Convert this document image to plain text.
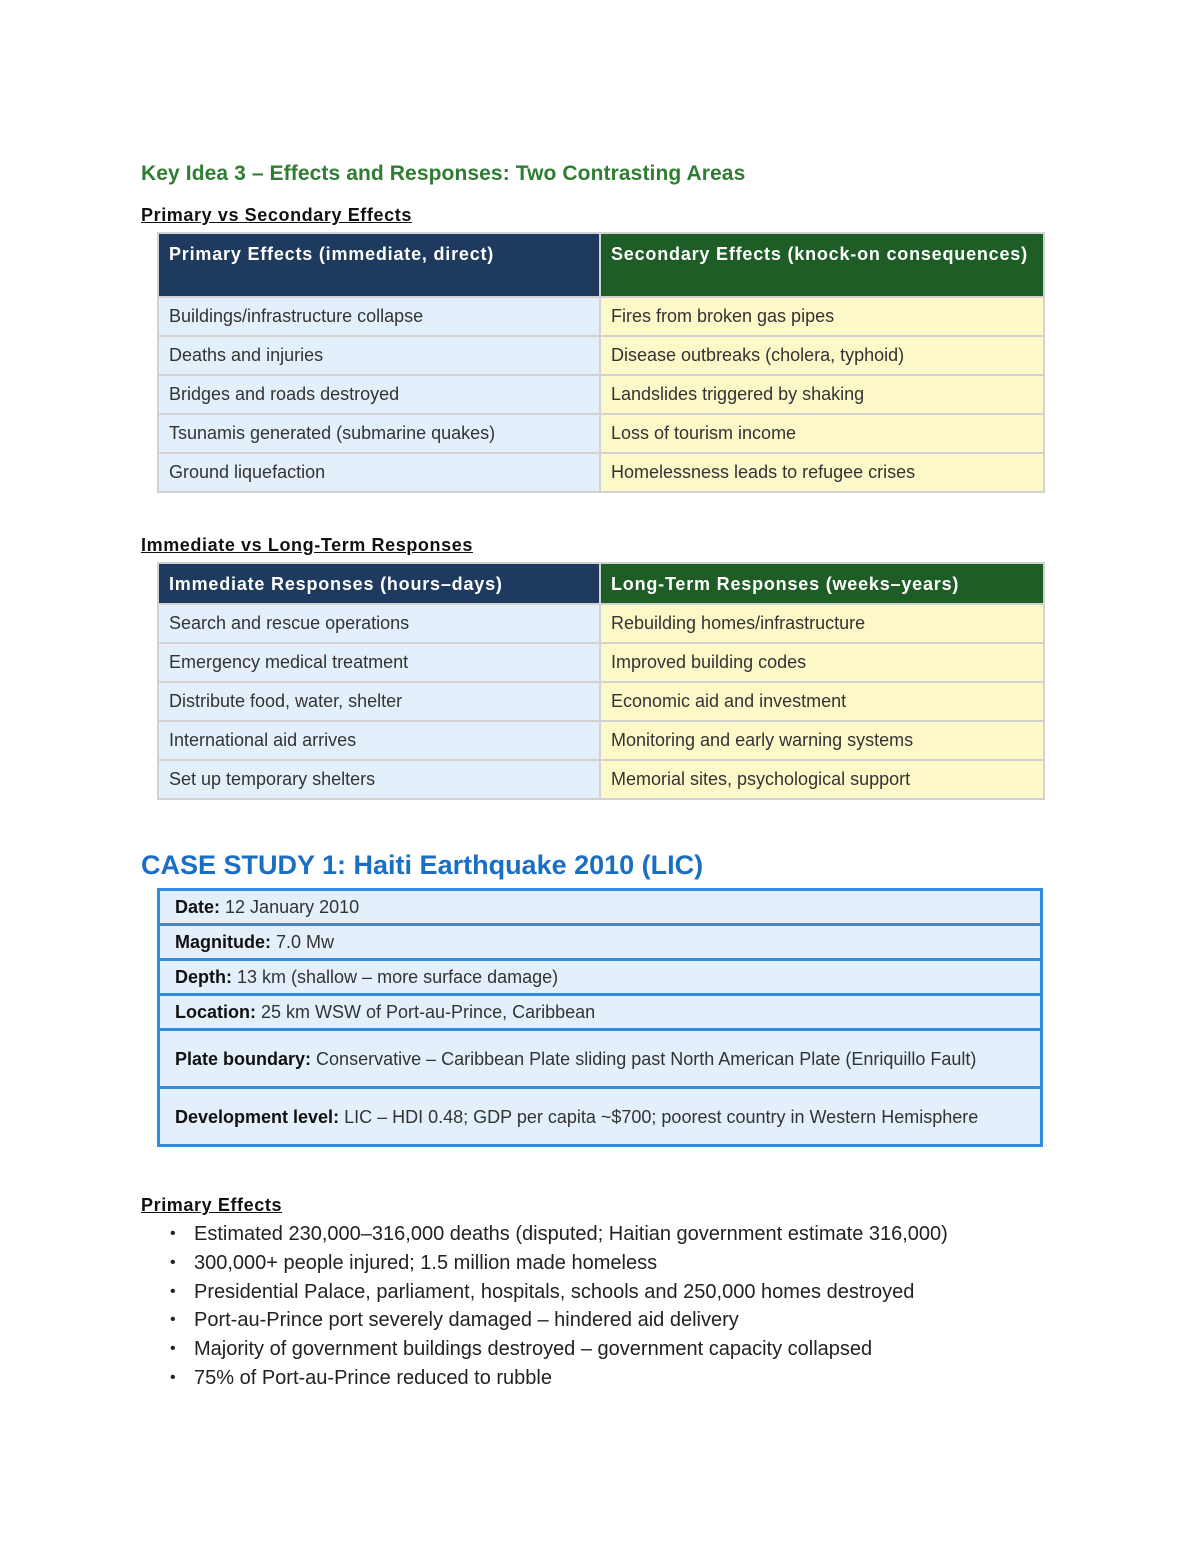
Key Idea 3 – Effects and Responses: Two Contrasting Areas
Primary vs Secondary Effects
Primary Effects (immediate, direct)	Secondary Effects (knock-on consequences)
Buildings/infrastructure collapse	Fires from broken gas pipes
Deaths and injuries	Disease outbreaks (cholera, typhoid)
Bridges and roads destroyed	Landslides triggered by shaking
Tsunamis generated (submarine quakes)	Loss of tourism income
Ground liquefaction	Homelessness leads to refugee crises
Immediate vs Long-Term Responses
Immediate Responses (hours–days)	Long-Term Responses (weeks–years)
Search and rescue operations	Rebuilding homes/infrastructure
Emergency medical treatment	Improved building codes
Distribute food, water, shelter	Economic aid and investment
International aid arrives	Monitoring and early warning systems
Set up temporary shelters	Memorial sites, psychological support
CASE STUDY 1: Haiti Earthquake 2010 (LIC)
Date: 12 January 2010
Magnitude: 7.0 Mw
Depth: 13 km (shallow – more surface damage)
Location: 25 km WSW of Port-au-Prince, Caribbean
Plate boundary: Conservative – Caribbean Plate sliding past North American Plate (Enriquillo Fault)
Development level: LIC – HDI 0.48; GDP per capita ~$700; poorest country in Western Hemisphere
Primary Effects
• Estimated 230,000–316,000 deaths (disputed; Haitian government estimate 316,000)
• 300,000+ people injured; 1.5 million made homeless
• Presidential Palace, parliament, hospitals, schools and 250,000 homes destroyed
• Port-au-Prince port severely damaged – hindered aid delivery
• Majority of government buildings destroyed – government capacity collapsed
• 75% of Port-au-Prince reduced to rubble
